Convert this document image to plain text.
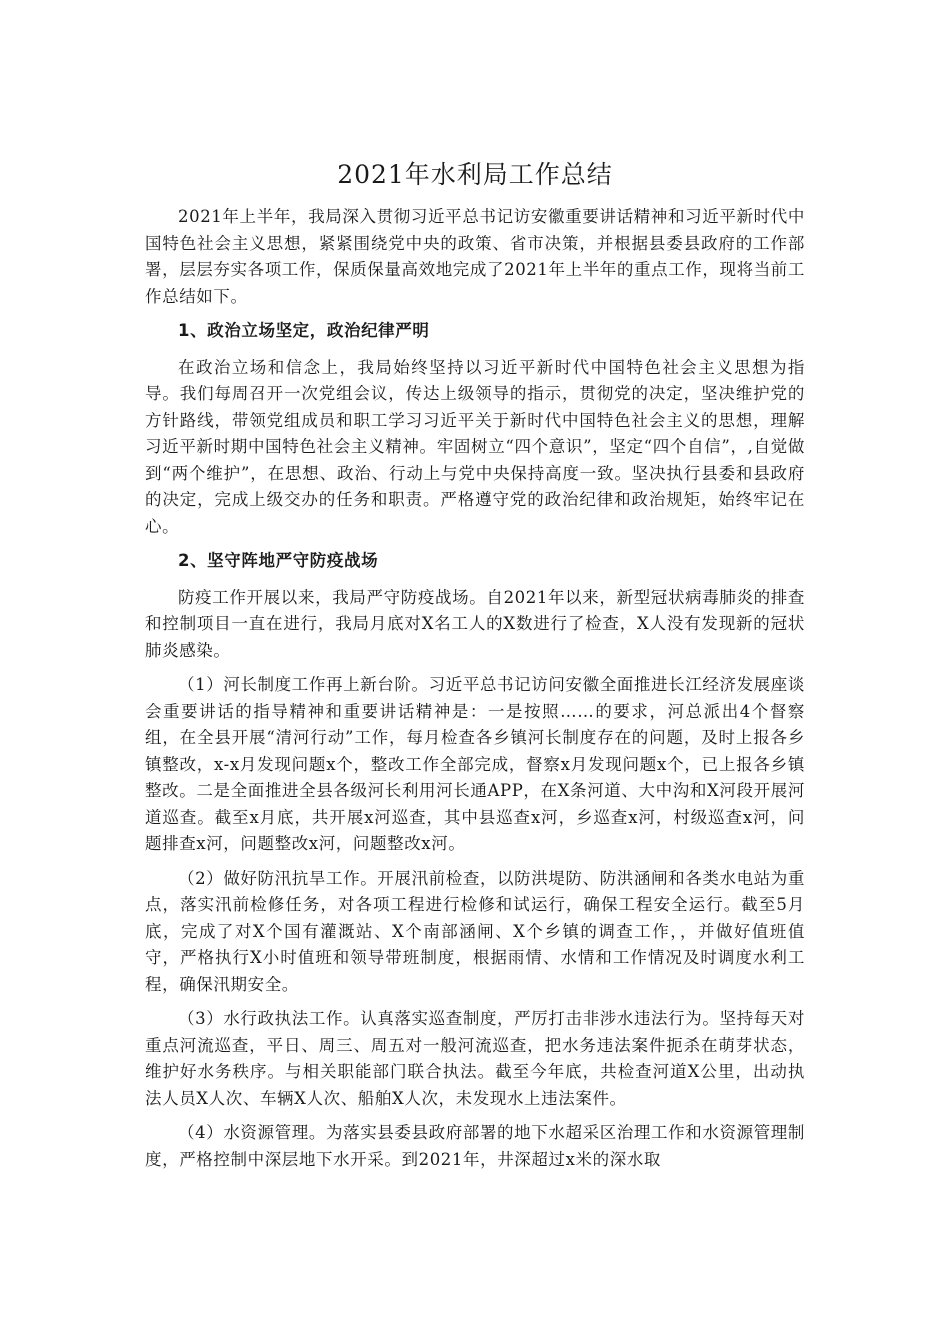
2021年水利局工作总结

2021年上半年，我局深入贯彻习近平总书记访安徽重要讲话精神和习近平新时代中国特色社会主义思想，紧紧围绕党中央的政策、省市决策，并根据县委县政府的工作部署，层层夯实各项工作，保质保量高效地完成了2021年上半年的重点工作，现将当前工作总结如下。

1、政治立场坚定，政治纪律严明

在政治立场和信念上，我局始终坚持以习近平新时代中国特色社会主义思想为指导。我们每周召开一次党组会议，传达上级领导的指示，贯彻党的决定，坚决维护党的方针路线，带领党组成员和职工学习习近平关于新时代中国特色社会主义的思想，理解习近平新时期中国特色社会主义精神。牢固树立“四个意识”，坚定“四个自信”，,自觉做到“两个维护”，在思想、政治、行动上与党中央保持高度一致。坚决执行县委和县政府的决定，完成上级交办的任务和职责。严格遵守党的政治纪律和政治规矩，始终牢记在心。

2、坚守阵地严守防疫战场

防疫工作开展以来，我局严守防疫战场。自2021年以来，新型冠状病毒肺炎的排查和控制项目一直在进行，我局月底对X名工人的X数进行了检查，X人没有发现新的冠状肺炎感染。

（1）河长制度工作再上新台阶。习近平总书记访问安徽全面推进长江经济发展座谈会重要讲话的指导精神和重要讲话精神是：一是按照……的要求，河总派出4个督察组，在全县开展“清河行动”工作，每月检查各乡镇河长制度存在的问题，及时上报各乡镇整改，x-x月发现问题x个，整改工作全部完成，督察x月发现问题x个，已上报各乡镇整改。二是全面推进全县各级河长利用河长通APP，在X条河道、大中沟和X河段开展河道巡查。截至x月底，共开展x河巡查，其中县巡查x河，乡巡查x河，村级巡查x河，问题排查x河，问题整改x河，问题整改x河。

（2）做好防汛抗旱工作。开展汛前检查，以防洪堤防、防洪涵闸和各类水电站为重点，落实汛前检修任务，对各项工程进行检修和试运行，确保工程安全运行。截至5月底，完成了对X个国有灌溉站、X个南部涵闸、X个乡镇的调查工作，，并做好值班值守，严格执行X小时值班和领导带班制度，根据雨情、水情和工作情况及时调度水利工程，确保汛期安全。

（3）水行政执法工作。认真落实巡查制度，严厉打击非涉水违法行为。坚持每天对重点河流巡查，平日、周三、周五对一般河流巡查，把水务违法案件扼杀在萌芽状态，维护好水务秩序。与相关职能部门联合执法。截至今年底，共检查河道X公里，出动执法人员X人次、车辆X人次、船舶X人次，未发现水上违法案件。

（4）水资源管理。为落实县委县政府部署的地下水超采区治理工作和水资源管理制度，严格控制中深层地下水开采。到2021年，井深超过x米的深水取
